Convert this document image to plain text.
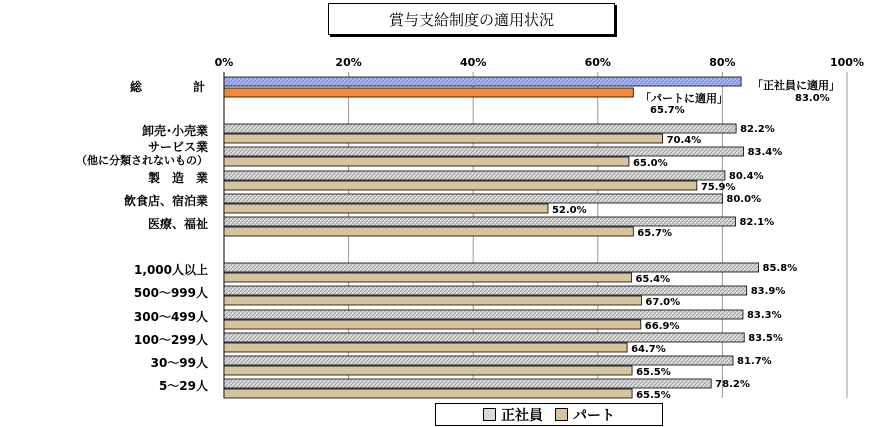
賞与支給制度の適用状況
0%	20%	40%	60%	80%	100%
総	計	「正社員に適用」
83.0%
「パートに適用」
65.7%
82.2%
70.4%
卸売･小売業
83.4%
65.0%
サービス業
（他に分類されないもの）
80.4%
75.9%
製　造　業
80.0%
52.0%
飲食店、宿泊業
82.1%
65.7%
医療、福祉
85.8%
65.4%
1,000人以上
83.9%
67.0%
500～999人
83.3%
66.9%
300～499人
83.5%
64.7%
100～299人
81.7%
65.5%
30～99人
78.2%
65.5%
5～29人
正社員 パート
